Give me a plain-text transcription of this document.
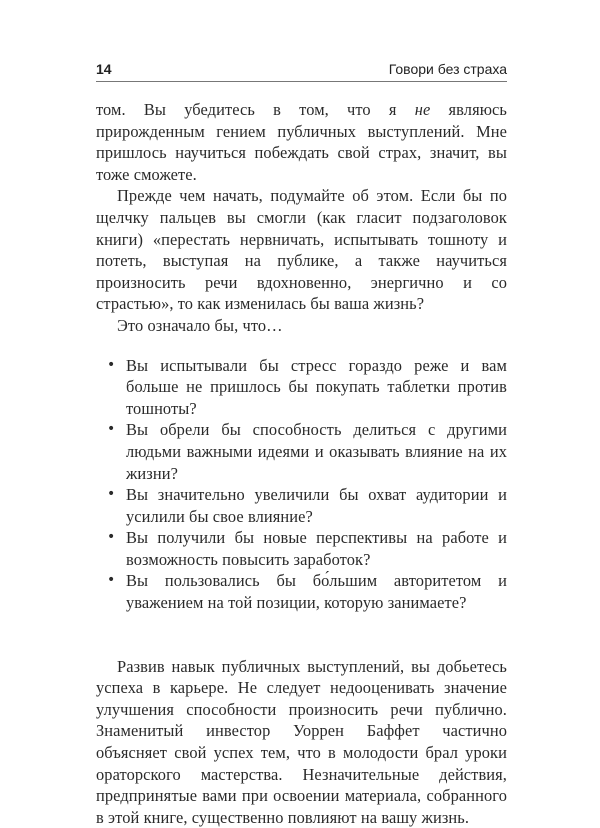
14	Говори без страха

том. Вы убедитесь в том, что я не являюсь прирожденным гением публичных выступлений. Мне пришлось научиться побеждать свой страх, значит, вы тоже сможете.

Прежде чем начать, подумайте об этом. Если бы по щелчку пальцев вы смогли (как гласит подзаголовок книги) «перестать нервничать, испытывать тошноту и потеть, выступая на публике, а также научиться произносить речи вдохновенно, энергично и со страстью», то как изменилась бы ваша жизнь?

Это означало бы, что…

• Вы испытывали бы стресс гораздо реже и вам больше не пришлось бы покупать таблетки против тошноты?
• Вы обрели бы способность делиться с другими людьми важными идеями и оказывать влияние на их жизни?
• Вы значительно увеличили бы охват аудитории и усилили бы свое влияние?
• Вы получили бы новые перспективы на работе и возможность повысить заработок?
• Вы пользовались бы бо́льшим авторитетом и уважением на той позиции, которую занимаете?

Развив навык публичных выступлений, вы добьетесь успеха в карьере. Не следует недооценивать значение улучшения способности произносить речи публично. Знаменитый инвестор Уоррен Баффет частично объясняет свой успех тем, что в молодости брал уроки ораторского мастерства. Незначительные действия, предпринятые вами при освоении материала, собранного в этой книге, существенно повлияют на вашу жизнь.
